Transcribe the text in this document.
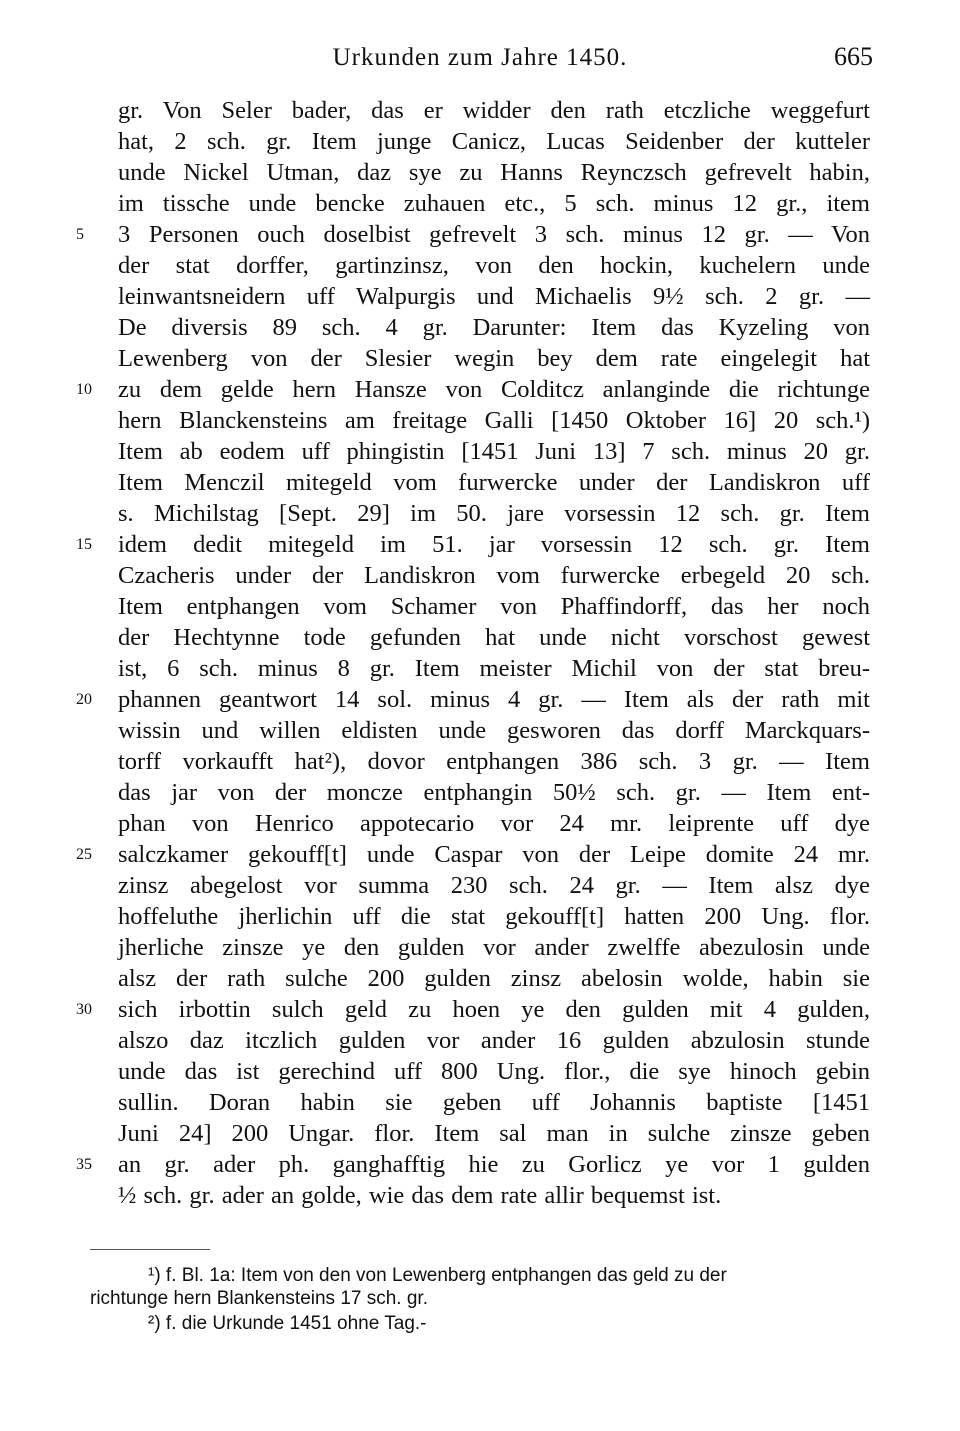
Urkunden zum Jahre 1450.	665
gr. Von Seler bader, das er widder den rath etczliche weggefurt
hat, 2 sch. gr. Item junge Canicz, Lucas Seidenber der kutteler
unde Nickel Utman, daz sye zu Hanns Reynczsch gefrevelt habin,
im tissche unde bencke zuhauen etc., 5 sch. minus 12 gr., item
3 Personen ouch doselbist gefrevelt 3 sch. minus 12 gr. — Von
der stat dorffer, gartinzinsz, von den hockin, kuchelern unde
leinwantsneidern uff Walpurgis und Michaelis 9½ sch. 2 gr. —
De diversis 89 sch. 4 gr. Darunter: Item das Kyzeling von
Lewenberg von der Slesier wegin bey dem rate eingelegit hat
zu dem gelde hern Hansze von Colditcz anlanginde die richtunge
hern Blanckensteins am freitage Galli [1450 Oktober 16] 20 sch.¹)
Item ab eodem uff phingistin [1451 Juni 13] 7 sch. minus 20 gr.
Item Menczil mitegeld vom furwercke under der Landiskron uff
s. Michilstag [Sept. 29] im 50. jare vorsessin 12 sch. gr. Item
idem dedit mitegeld im 51. jar vorsessin 12 sch. gr. Item
Czacheris under der Landiskron vom furwercke erbegeld 20 sch.
Item entphangen vom Schamer von Phaffindorff, das her noch
der Hechtynne tode gefunden hat unde nicht vorschost gewest
ist, 6 sch. minus 8 gr. Item meister Michil von der stat breu-
phannen geantwort 14 sol. minus 4 gr. — Item als der rath mit
wissin und willen eldisten unde gesworen das dorff Marckquars-
torff vorkaufft hat²), dovor entphangen 386 sch. 3 gr. — Item
das jar von der moncze entphangin 50½ sch. gr. — Item ent-
phan von Henrico appotecario vor 24 mr. leiprente uff dye
salczkamer gekouff[t] unde Caspar von der Leipe domite 24 mr.
zinsz abegelost vor summa 230 sch. 24 gr. — Item alsz dye
hoffeluthe jherlichin uff die stat gekouff[t] hatten 200 Ung. flor.
jherliche zinsze ye den gulden vor ander zwelffe abezulosin unde
alsz der rath sulche 200 gulden zinsz abelosin wolde, habin sie
sich irbottin sulch geld zu hoen ye den gulden mit 4 gulden,
alszo daz itczlich gulden vor ander 16 gulden abzulosin stunde
unde das ist gerechind uff 800 Ung. flor., die sye hinoch gebin
sullin. Doran habin sie geben uff Johannis baptiste [1451
Juni 24] 200 Ungar. flor. Item sal man in sulche zinsze geben
an gr. ader ph. ganghafftig hie zu Gorlicz ye vor 1 gulden
½ sch. gr. ader an golde, wie das dem rate allir bequemst ist.
5
10
15
20
25
30
35
¹) f. Bl. 1a: Item von den von Lewenberg entphangen das geld zu der
richtunge hern Blankensteins 17 sch. gr.
²) f. die Urkunde 1451 ohne Tag.-
